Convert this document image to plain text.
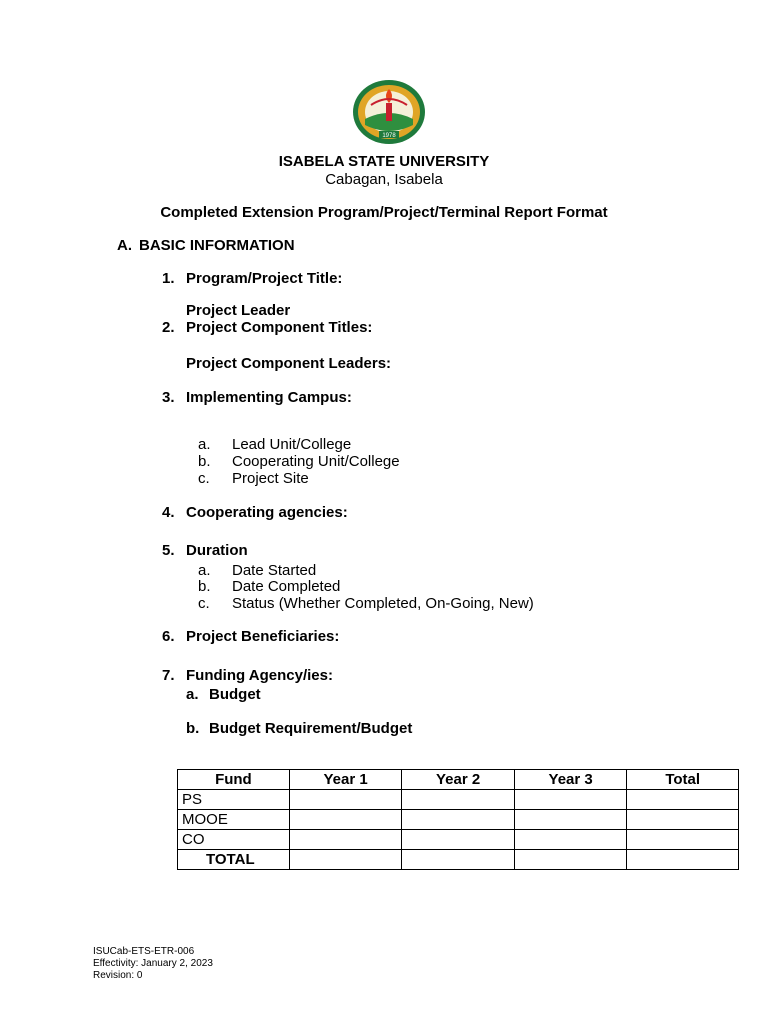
1978
ISABELA STATE UNIVERSITY
Cabagan, Isabela
Completed Extension Program/Project/Terminal Report Format
A. BASIC INFORMATION
1. Program/Project Title:
Project Leader
2. Project Component Titles:
Project Component Leaders:
3. Implementing Campus:
a. Lead Unit/College
b. Cooperating Unit/College
c. Project Site
4. Cooperating agencies:
5. Duration
a. Date Started
b. Date Completed
c. Status (Whether Completed, On-Going, New)
6. Project Beneficiaries:
7. Funding Agency/ies:
a. Budget
b. Budget Requirement/Budget
Fund	Year 1	Year 2	Year 3	Total
PS				
MOOE				
CO				
TOTAL				
ISUCab-ETS-ETR-006
Effectivity: January 2, 2023
Revision: 0
